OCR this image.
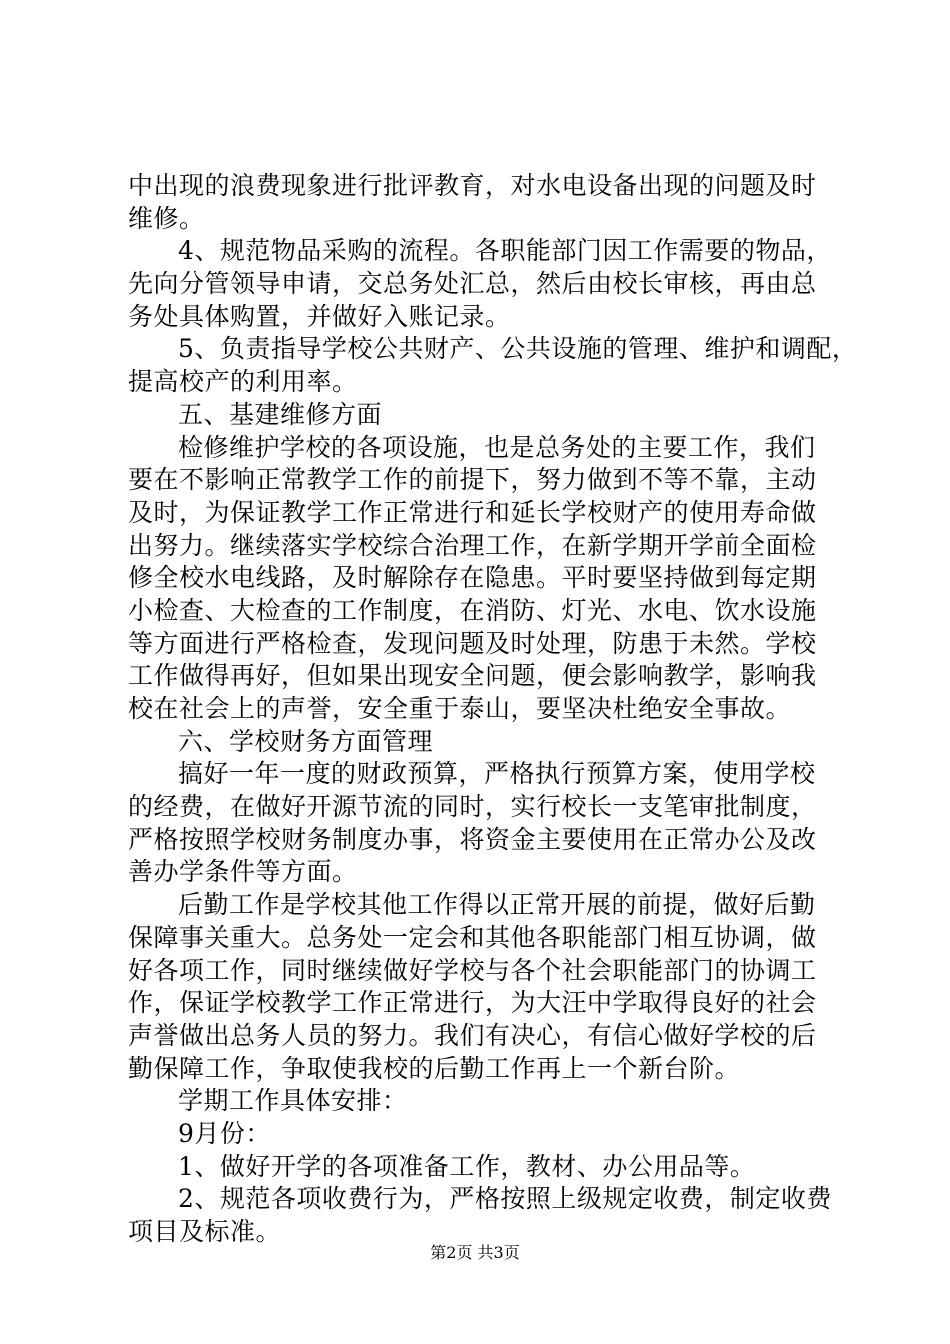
中出现的浪费现象进行批评教育，对水电设备出现的问题及时
维修。
4、规范物品采购的流程。各职能部门因工作需要的物品，
先向分管领导申请，交总务处汇总，然后由校长审核，再由总
务处具体购置，并做好入账记录。
5、负责指导学校公共财产、公共设施的管理、维护和调配，
提高校产的利用率。
五、基建维修方面
检修维护学校的各项设施，也是总务处的主要工作，我们
要在不影响正常教学工作的前提下，努力做到不等不靠，主动
及时，为保证教学工作正常进行和延长学校财产的使用寿命做
出努力。继续落实学校综合治理工作，在新学期开学前全面检
修全校水电线路，及时解除存在隐患。平时要坚持做到每定期
小检查、大检查的工作制度，在消防、灯光、水电、饮水设施
等方面进行严格检查，发现问题及时处理，防患于未然。学校
工作做得再好，但如果出现安全问题，便会影响教学，影响我
校在社会上的声誉，安全重于泰山，要坚决杜绝安全事故。
六、学校财务方面管理
搞好一年一度的财政预算，严格执行预算方案，使用学校
的经费，在做好开源节流的同时，实行校长一支笔审批制度，
严格按照学校财务制度办事，将资金主要使用在正常办公及改
善办学条件等方面。
后勤工作是学校其他工作得以正常开展的前提，做好后勤
保障事关重大。总务处一定会和其他各职能部门相互协调，做
好各项工作，同时继续做好学校与各个社会职能部门的协调工
作，保证学校教学工作正常进行，为大汪中学取得良好的社会
声誉做出总务人员的努力。我们有决心，有信心做好学校的后
勤保障工作，争取使我校的后勤工作再上一个新台阶。
学期工作具体安排：
9月份：
1、做好开学的各项准备工作，教材、办公用品等。
2、规范各项收费行为，严格按照上级规定收费，制定收费
项目及标准。
第2页 共3页
